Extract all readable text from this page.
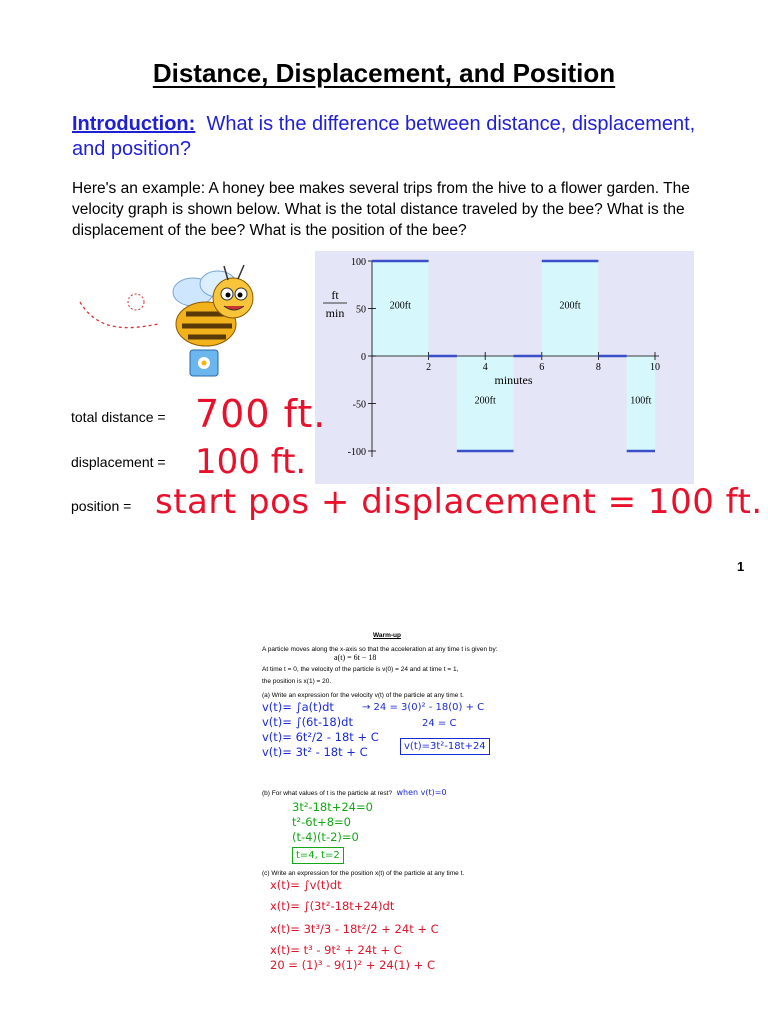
Distance, Displacement, and Position
Introduction: What is the difference between distance, displacement, and position?
Here's an example: A honey bee makes several trips from the hive to a flower garden. The velocity graph is shown below. What is the total distance traveled by the bee? What is the displacement of the bee? What is the position of the bee?
200ft
200ft
200ft
100ft
2	4	6	8	10
100
50
0
-50
-100
minutes
ft
min
total distance = 700 ft.
displacement = 100 ft.
position = start pos + displacement = 100 ft.
1
Warm-up
A particle moves along the x-axis so that the acceleration at any time t is given by:
a(t) = 6t − 18
At time t = 0, the velocity of the particle is v(0) = 24 and at time t = 1,
the position is x(1) = 20.
(a) Write an expression for the velocity v(t) of the particle at any time t.
v(t)= ∫a(t)dt
v(t)= ∫(6t-18)dt
v(t)= 6t²/2 - 18t + C
v(t)= 3t² - 18t + C
→ 24 = 3(0)² - 18(0) + C
24 = C
v(t)=3t²-18t+24
(b) For what values of t is the particle at rest? when v(t)=0
3t²-18t+24=0
t²-6t+8=0
(t-4)(t-2)=0
t=4, t=2
(c) Write an expression for the position x(t) of the particle at any time t.
x(t)= ∫v(t)dt
x(t)= ∫(3t²-18t+24)dt
x(t)= 3t³/3 - 18t²/2 + 24t + C
x(t)= t³ - 9t² + 24t + C
20 = (1)³ - 9(1)² + 24(1) + C
